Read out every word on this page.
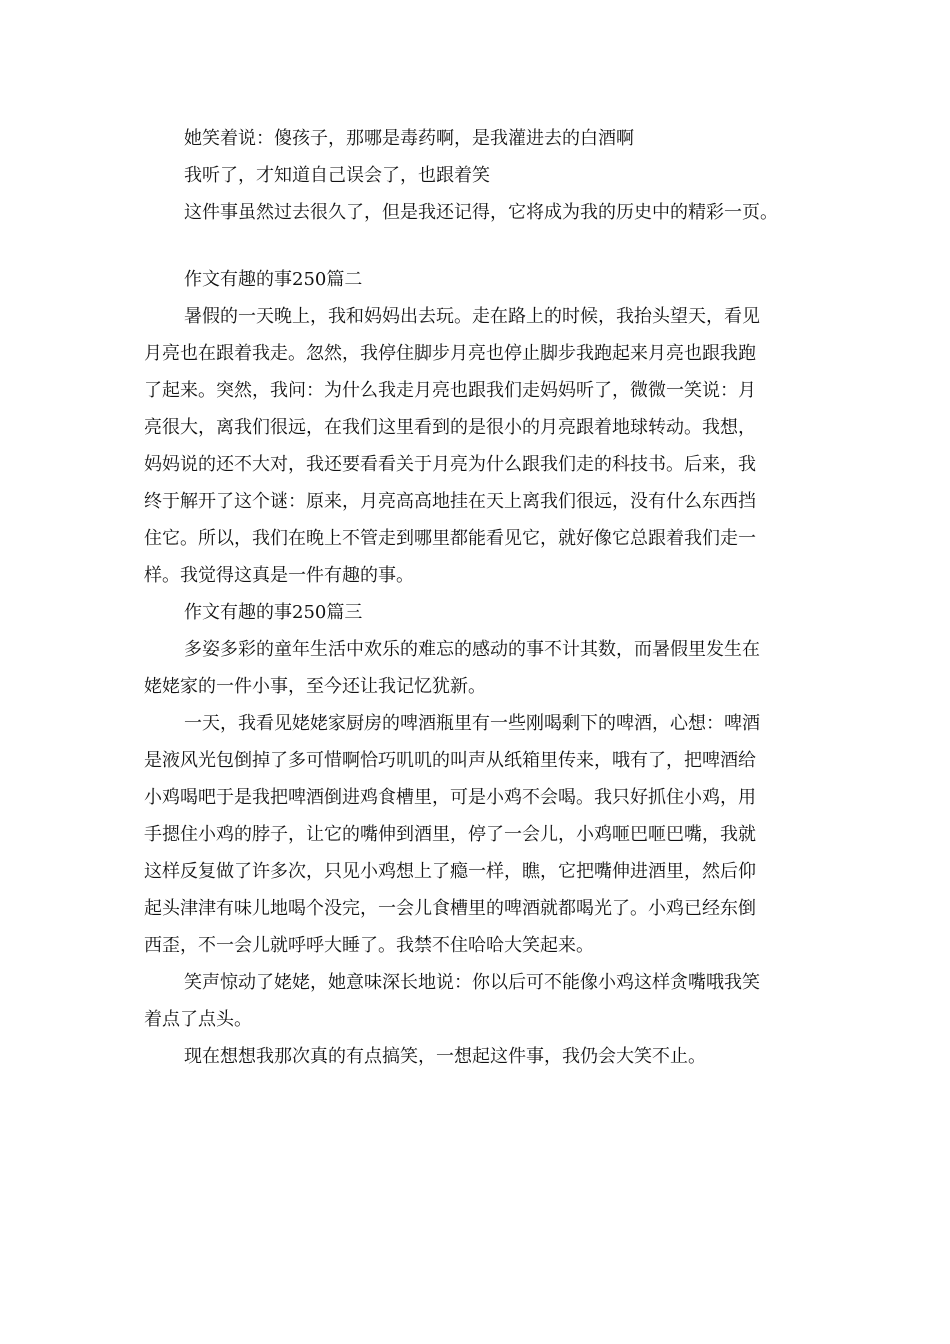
她笑着说：傻孩子，那哪是毒药啊，是我灌进去的白酒啊
我听了，才知道自己误会了，也跟着笑
这件事虽然过去很久了，但是我还记得，它将成为我的历史中的精彩一页。
作文有趣的事250篇二
暑假的一天晚上，我和妈妈出去玩。走在路上的时候，我抬头望天，看见
月亮也在跟着我走。忽然，我停住脚步月亮也停止脚步我跑起来月亮也跟我跑
了起来。突然，我问：为什么我走月亮也跟我们走妈妈听了，微微一笑说：月
亮很大，离我们很远，在我们这里看到的是很小的月亮跟着地球转动。我想，
妈妈说的还不大对，我还要看看关于月亮为什么跟我们走的科技书。后来，我
终于解开了这个谜：原来，月亮高高地挂在天上离我们很远，没有什么东西挡
住它。所以，我们在晚上不管走到哪里都能看见它，就好像它总跟着我们走一
样。我觉得这真是一件有趣的事。
作文有趣的事250篇三
多姿多彩的童年生活中欢乐的难忘的感动的事不计其数，而暑假里发生在
姥姥家的一件小事，至今还让我记忆犹新。
一天，我看见姥姥家厨房的啤酒瓶里有一些刚喝剩下的啤酒，心想：啤酒
是液风光包倒掉了多可惜啊恰巧叽叽的叫声从纸箱里传来，哦有了，把啤酒给
小鸡喝吧于是我把啤酒倒进鸡食槽里，可是小鸡不会喝。我只好抓住小鸡，用
手摁住小鸡的脖子，让它的嘴伸到酒里，停了一会儿，小鸡咂巴咂巴嘴，我就
这样反复做了许多次，只见小鸡想上了瘾一样，瞧，它把嘴伸进酒里，然后仰
起头津津有味儿地喝个没完，一会儿食槽里的啤酒就都喝光了。小鸡已经东倒
西歪，不一会儿就呼呼大睡了。我禁不住哈哈大笑起来。
笑声惊动了姥姥，她意味深长地说：你以后可不能像小鸡这样贪嘴哦我笑
着点了点头。
现在想想我那次真的有点搞笑，一想起这件事，我仍会大笑不止。
